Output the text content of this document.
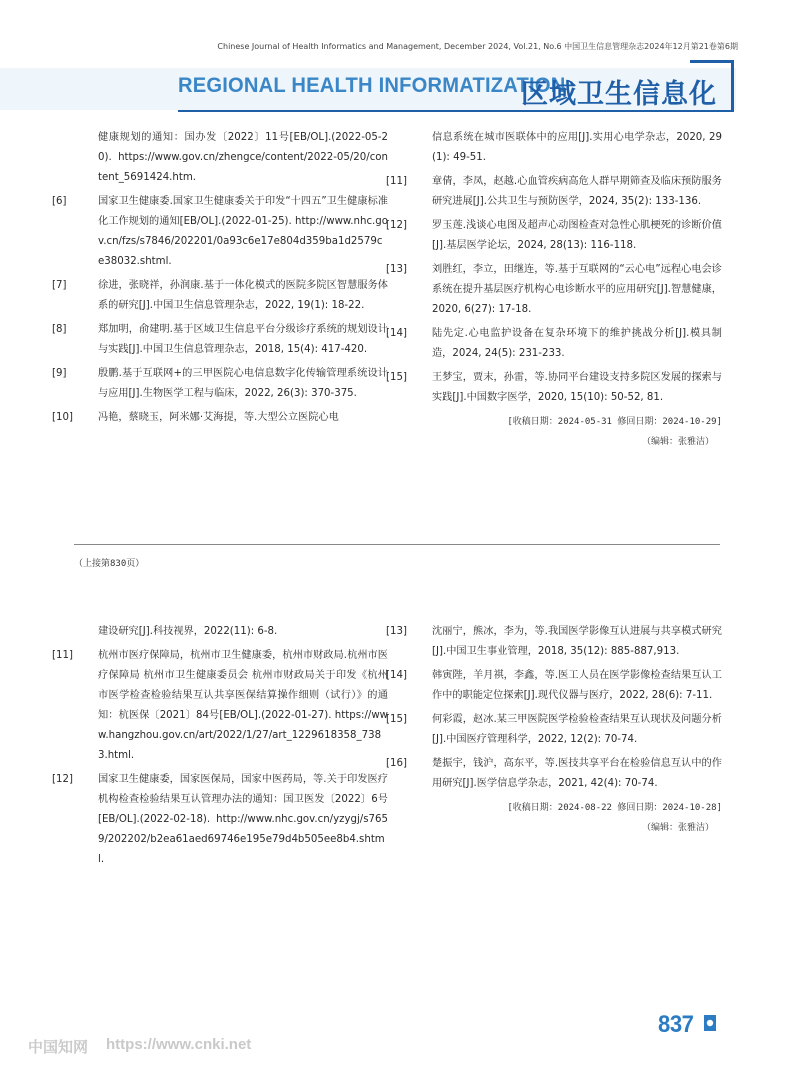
Chinese Journal of Health Informatics and Management, December 2024, Vol.21, No.6 中国卫生信息管理杂志2024年12月第21卷第6期
REGIONAL HEALTH INFORMATIZATION
区域卫生信息化
健康规划的通知：国办发〔2022〕11号[EB/OL].(2022-05-20). https://www.gov.cn/zhengce/content/2022-05/20/content_5691424.htm.
[6]	国家卫生健康委.国家卫生健康委关于印发“十四五”卫生健康标准化工作规划的通知[EB/OL].(2022-01-25). http://www.nhc.gov.cn/fzs/s7846/202201/0a93c6e17e804d359ba1d2579ce38032.shtml.
[7]	徐进，张晓祥，孙润康.基于一体化模式的医院多院区智慧服务体系的研究[J].中国卫生信息管理杂志，2022, 19(1): 18-22.
[8]	郑加明，俞建明.基于区域卫生信息平台分级诊疗系统的规划设计与实践[J].中国卫生信息管理杂志，2018, 15(4): 417-420.
[9]	殷鹏.基于互联网+的三甲医院心电信息数字化传输管理系统设计与应用[J].生物医学工程与临床，2022, 26(3): 370-375.
[10]	冯艳，蔡晓玉，阿米娜·艾海提，等.大型公立医院心电
信息系统在城市医联体中的应用[J].实用心电学杂志，2020, 29(1): 49-51.
[11]	章倩，李凤，赵越.心血管疾病高危人群早期筛查及临床预防服务研究进展[J].公共卫生与预防医学，2024, 35(2): 133-136.
[12]	罗玉莲.浅谈心电图及超声心动图检查对急性心肌梗死的诊断价值[J].基层医学论坛，2024, 28(13): 116-118.
[13]	刘胜红，李立，田继连，等.基于互联网的“云心电”远程心电会诊系统在提升基层医疗机构心电诊断水平的应用研究[J].智慧健康，2020, 6(27): 17-18.
[14]	陆先定.心电监护设备在复杂环境下的维护挑战分析[J].模具制造，2024, 24(5): 231-233.
[15]	王梦宝，贾末，孙雷，等.协同平台建设支持多院区发展的探索与实践[J].中国数字医学，2020, 15(10): 50-52, 81.
[收稿日期：2024-05-31 修回日期：2024-10-29]
（编辑：张雅洁）
（上接第830页）
建设研究[J].科技视界，2022(11): 6-8.
[11]	杭州市医疗保障局，杭州市卫生健康委，杭州市财政局.杭州市医疗保障局 杭州市卫生健康委员会 杭州市财政局关于印发《杭州市医学检查检验结果互认共享医保结算操作细则（试行）》的通知：杭医保〔2021〕84号[EB/OL].(2022-01-27). https://www.hangzhou.gov.cn/art/2022/1/27/art_1229618358_7383.html.
[12]	国家卫生健康委，国家医保局，国家中医药局，等.关于印发医疗机构检查检验结果互认管理办法的通知：国卫医发〔2022〕6号[EB/OL].(2022-02-18). http://www.nhc.gov.cn/yzygj/s7659/202202/b2ea61aed69746e195e79d4b505ee8b4.shtml.
[13]	沈丽宁，熊冰，李为，等.我国医学影像互认进展与共享模式研究[J].中国卫生事业管理，2018, 35(12): 885-887,913.
[14]	韩寅陛，羊月祺，李鑫，等.医工人员在医学影像检查结果互认工作中的职能定位探索[J].现代仪器与医疗，2022, 28(6): 7-11.
[15]	何彩霞，赵冰.某三甲医院医学检验检查结果互认现状及问题分析[J].中国医疗管理科学，2022, 12(2): 70-74.
[16]	楚振宇，钱沪，高东平，等.医技共享平台在检验信息互认中的作用研究[J].医学信息学杂志，2021, 42(4): 70-74.
[收稿日期：2024-08-22 修回日期：2024-10-28]
（编辑：张雅洁）
837
中国知网 https://www.cnki.net
